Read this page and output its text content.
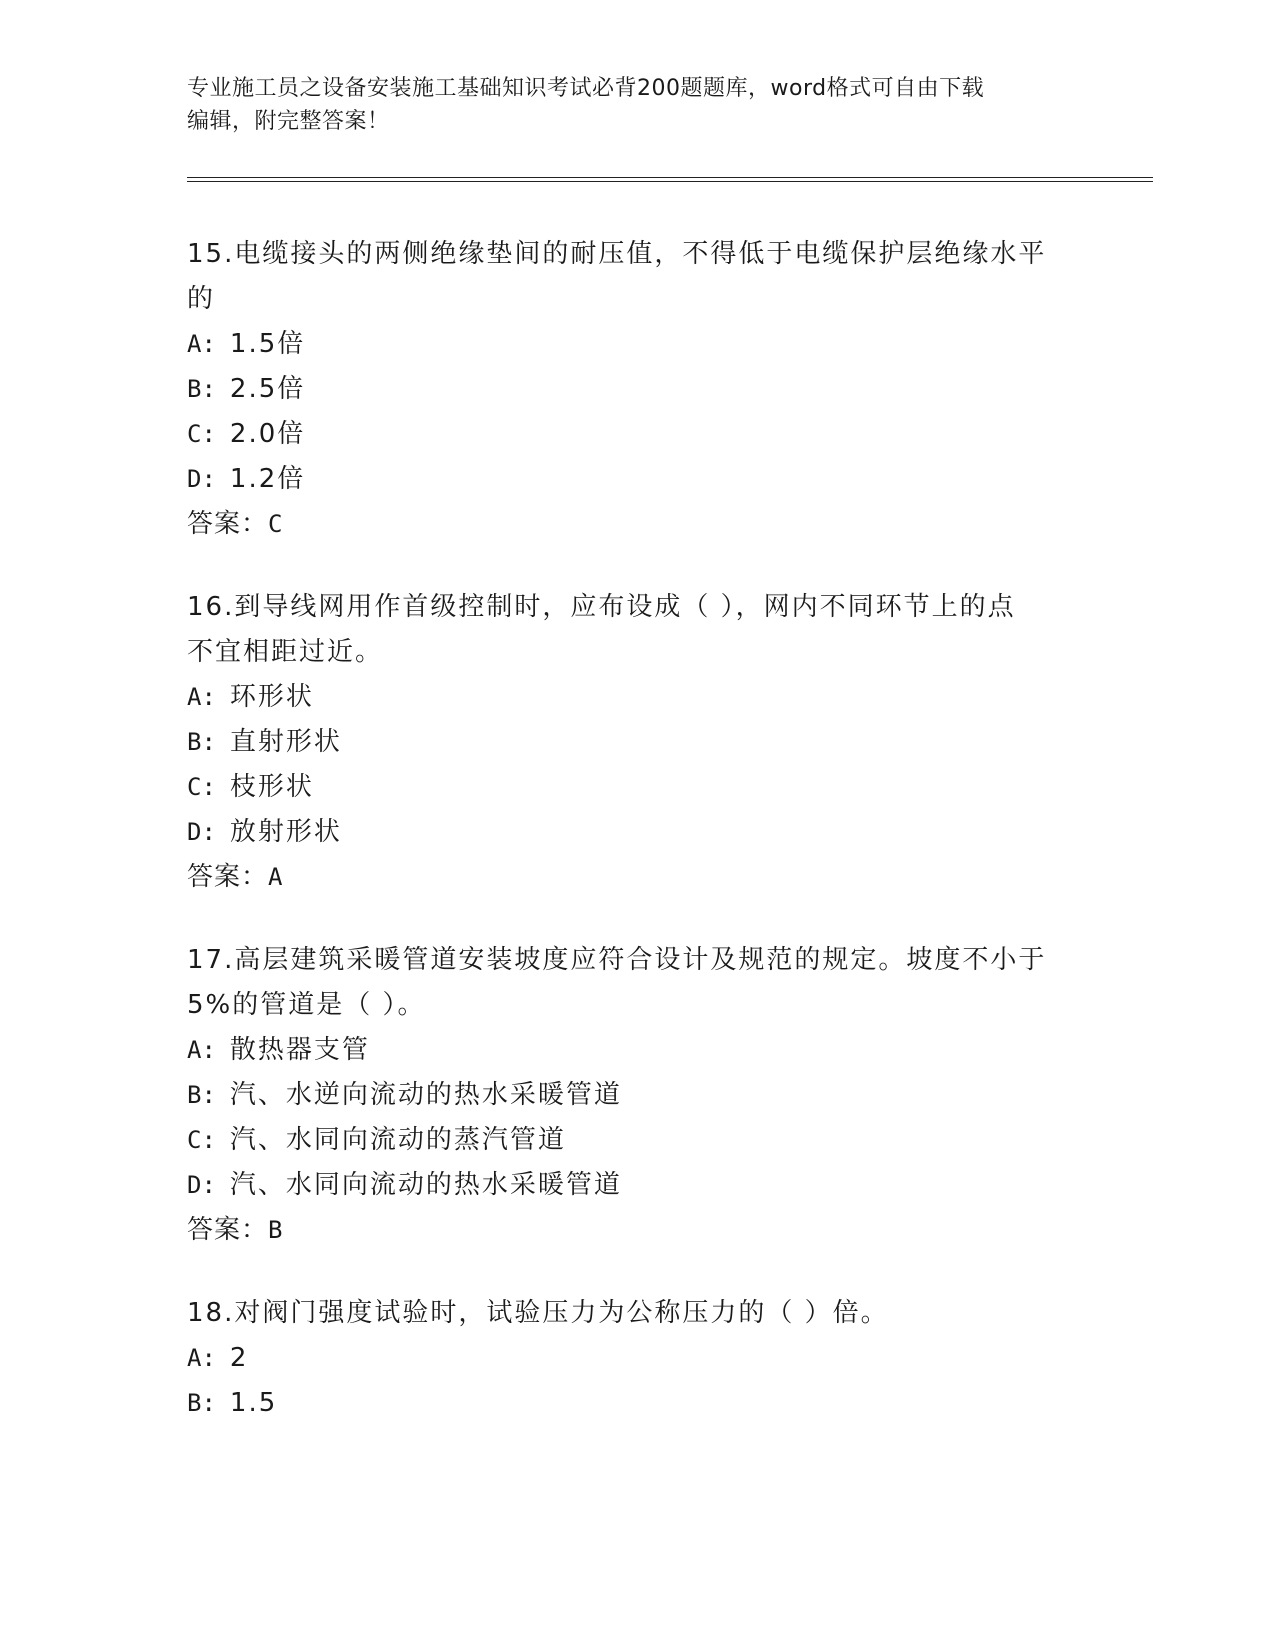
专业施工员之设备安装施工基础知识考试必背200题题库，word格式可自由下载
编辑，附完整答案！
15.电缆接头的两侧绝缘垫间的耐压值，不得低于电缆保护层绝缘水平
的
A: 1.5倍
B: 2.5倍
C: 2.0倍
D: 1.2倍
答案：C
16.到导线网用作首级控制时，应布设成（ ），网内不同环节上的点
不宜相距过近。
A: 环形状
B: 直射形状
C: 枝形状
D: 放射形状
答案：A
17.高层建筑采暖管道安装坡度应符合设计及规范的规定。坡度不小于
5%的管道是（ ）。
A: 散热器支管
B: 汽、水逆向流动的热水采暖管道
C: 汽、水同向流动的蒸汽管道
D: 汽、水同向流动的热水采暖管道
答案：B
18.对阀门强度试验时，试验压力为公称压力的（ ）倍。
A: 2
B: 1.5
